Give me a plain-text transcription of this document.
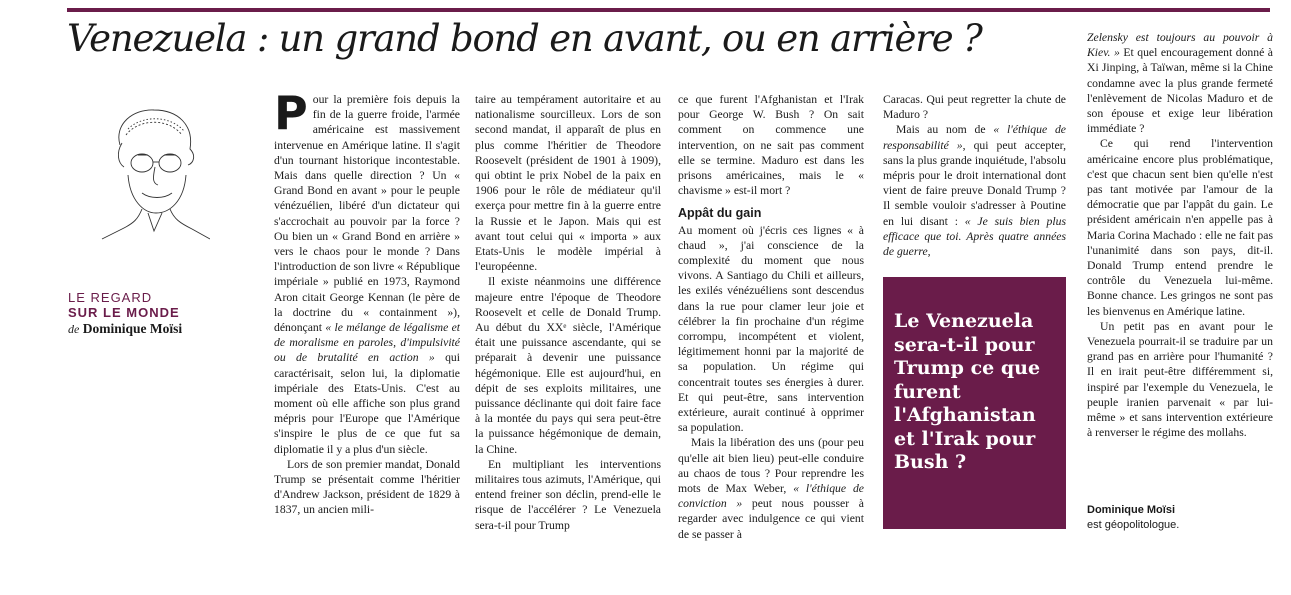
Venezuela : un grand bond en avant, ou en arrière ?
LE REGARD
SUR LE MONDE
de Dominique Moïsi

Pour la première fois depuis la fin de la guerre froide, l'armée américaine est massivement intervenue en Amérique latine. Il s'agit d'un tournant historique incontestable. Mais dans quelle direction ? Un « Grand Bond en avant » pour le peuple vénézuélien, libéré d'un dictateur qui s'accrochait au pouvoir par la force ? Ou bien un « Grand Bond en arrière » vers le chaos pour le monde ? Dans l'introduction de son livre « République impériale » publié en 1973, Raymond Aron citait George Kennan (le père de la doctrine du « containment »), dénonçant « le mélange de légalisme et de moralisme en paroles, d'impulsivité ou de brutalité en action » qui caractérisait, selon lui, la diplomatie impériale des Etats-Unis. C'est au moment où elle affiche son plus grand mépris pour l'Europe que l'Amérique s'inspire le plus de ce que fut sa diplomatie il y a plus d'un siècle.

Lors de son premier mandat, Donald Trump se présentait comme l'héritier d'Andrew Jackson, président de 1829 à 1837, un ancien mili-

taire au tempérament autoritaire et au nationalisme sourcilleux. Lors de son second mandat, il apparaît de plus en plus comme l'héritier de Theodore Roosevelt (président de 1901 à 1909), qui obtint le prix Nobel de la paix en 1906 pour le rôle de médiateur qu'il exerça pour mettre fin à la guerre entre la Russie et le Japon. Mais qui est avant tout celui qui « importa » aux Etats-Unis le modèle impérial à l'européenne.

Il existe néanmoins une différence majeure entre l'époque de Theodore Roosevelt et celle de Donald Trump. Au début du XXᵉ siècle, l'Amérique était une puissance ascendante, qui se préparait à devenir une puissance hégémonique. Elle est aujourd'hui, en dépit de ses exploits militaires, une puissance déclinante qui doit faire face à la montée du pays qui sera peut-être la puissance hégémonique de demain, la Chine.

En multipliant les interventions militaires tous azimuts, l'Amérique, qui entend freiner son déclin, prend-elle le risque de l'accélérer ? Le Venezuela sera-t-il pour Trump

ce que furent l'Afghanistan et l'Irak pour George W. Bush ? On sait comment on commence une intervention, on ne sait pas comment elle se termine. Maduro est dans les prisons américaines, mais le « chavisme » est-il mort ?

Appât du gain

Au moment où j'écris ces lignes « à chaud », j'ai conscience de la complexité du moment que nous vivons. A Santiago du Chili et ailleurs, les exilés vénézuéliens sont descendus dans la rue pour clamer leur joie et célébrer la fin prochaine d'un régime corrompu, incompétent et violent, légitimement honni par la majorité de sa population. Un régime qui concentrait toutes ses énergies à durer. Et qui peut-être, sans intervention extérieure, aurait continué à opprimer sa population.

Mais la libération des uns (pour peu qu'elle ait bien lieu) peut-elle conduire au chaos de tous ? Pour reprendre les mots de Max Weber, « l'éthique de conviction » peut nous pousser à regarder avec indulgence ce qui vient de se passer à

Caracas. Qui peut regretter la chute de Maduro ?

Mais au nom de « l'éthique de responsabilité », qui peut accepter, sans la plus grande inquiétude, l'absolu mépris pour le droit international dont vient de faire preuve Donald Trump ? Il semble vouloir s'adresser à Poutine en lui disant : « Je suis bien plus efficace que toi. Après quatre années de guerre,

Le Venezuela sera-t-il pour Trump ce que furent l'Afghanistan et l'Irak pour Bush ?

Zelensky est toujours au pouvoir à Kiev. » Et quel encouragement donné à Xi Jinping, à Taïwan, même si la Chine condamne avec la plus grande fermeté l'enlèvement de Nicolas Maduro et de son épouse et exige leur libération immédiate ?

Ce qui rend l'intervention américaine encore plus problématique, c'est que chacun sent bien qu'elle n'est pas tant motivée par l'amour de la démocratie que par l'appât du gain. Le président américain n'en appelle pas à Maria Corina Machado : elle ne fait pas l'unanimité dans son pays, dit-il. Donald Trump entend prendre le contrôle du Venezuela lui-même. Bonne chance. Les gringos ne sont pas les bienvenus en Amérique latine.

Un petit pas en avant pour le Venezuela pourrait-il se traduire par un grand pas en arrière pour l'humanité ? Il en irait peut-être différemment si, inspiré par l'exemple du Venezuela, le peuple iranien parvenait « par lui-même » et sans intervention extérieure à renverser le régime des mollahs.

Dominique Moïsi
est géopolitologue.
